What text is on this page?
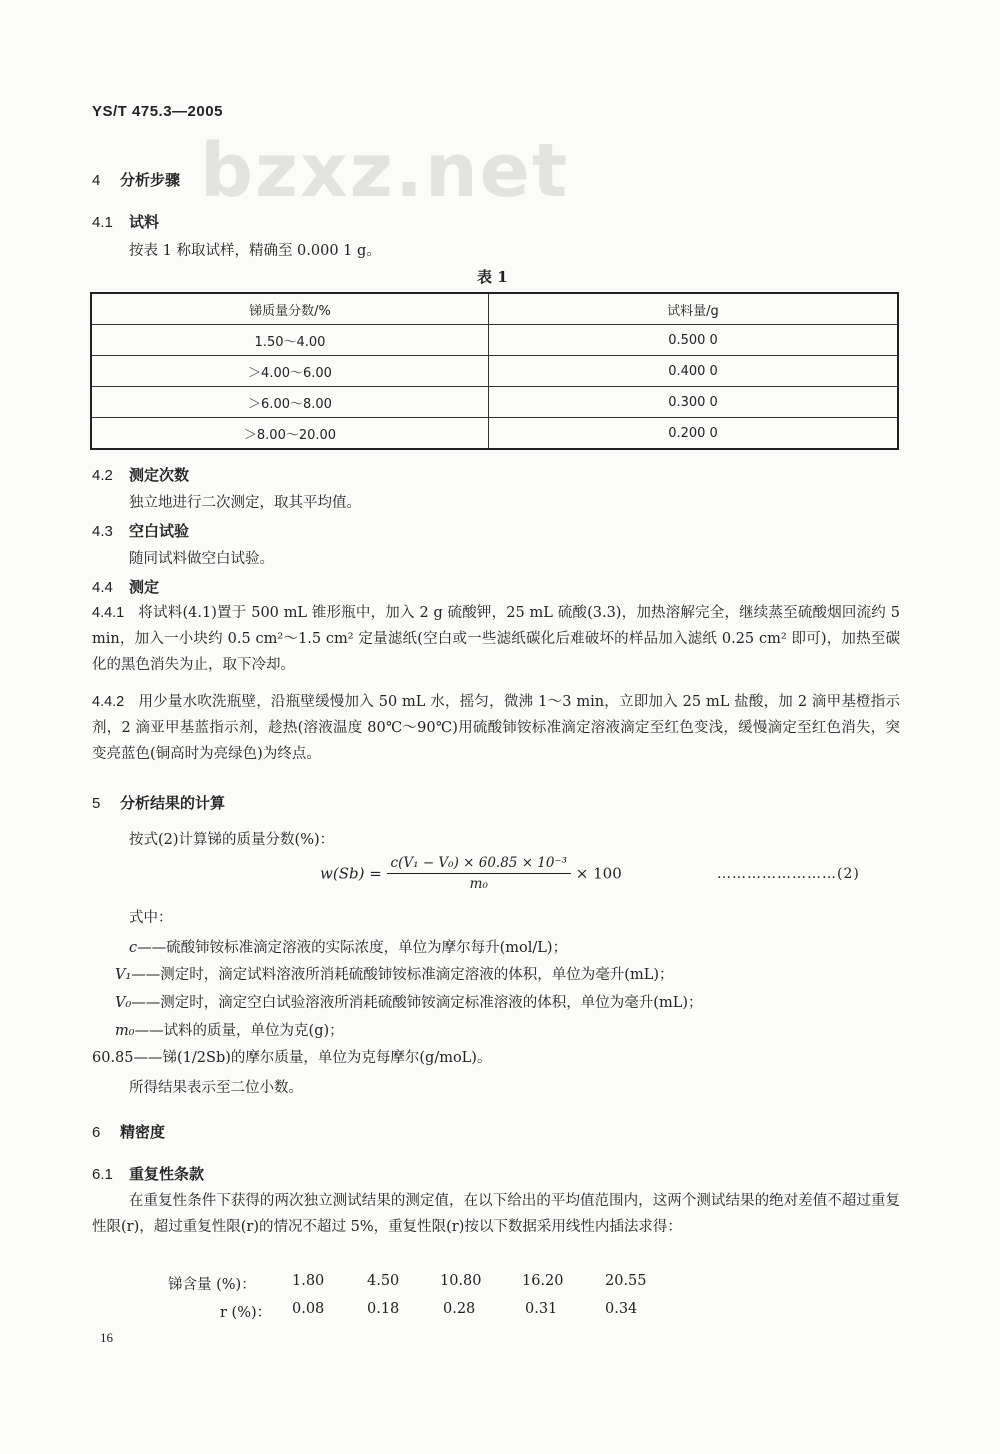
YS/T 475.3—2005
bzxz.net
4 分析步骤
4.1 试料
按表 1 称取试样，精确至 0.000 1 g。
表 1
锑质量分数/%	试料量/g
1.50～4.00	0.500 0
＞4.00～6.00	0.400 0
＞6.00～8.00	0.300 0
＞8.00～20.00	0.200 0
4.2 测定次数
独立地进行二次测定，取其平均值。
4.3 空白试验
随同试料做空白试验。
4.4 测定
4.4.1 将试料(4.1)置于 500 mL 锥形瓶中，加入 2 g 硫酸钾，25 mL 硫酸(3.3)，加热溶解完全，继续蒸至硫酸烟回流约 5 min，加入一小块约 0.5 cm²～1.5 cm² 定量滤纸(空白或一些滤纸碳化后难破坏的样品加入滤纸 0.25 cm² 即可)，加热至碳化的黑色消失为止，取下冷却。
4.4.2 用少量水吹洗瓶壁，沿瓶壁缓慢加入 50 mL 水，摇匀，微沸 1～3 min，立即加入 25 mL 盐酸，加 2 滴甲基橙指示剂，2 滴亚甲基蓝指示剂，趁热(溶液温度 80℃～90℃)用硫酸铈铵标准滴定溶液滴定至红色变浅，缓慢滴定至红色消失，突变亮蓝色(铜高时为亮绿色)为终点。
5 分析结果的计算
按式(2)计算锑的质量分数(%)：
$w(Sb) = \frac{\text{c(V₁ − V₀) × 60.85 × 10⁻³}}{\text{m₀}} \times 100$	……………………(2)
式中：
c——硫酸铈铵标准滴定溶液的实际浓度，单位为摩尔每升(mol/L)；
V₁——测定时，滴定试料溶液所消耗硫酸铈铵标准滴定溶液的体积，单位为毫升(mL)；
V₀——测定时，滴定空白试验溶液所消耗硫酸铈铵滴定标准溶液的体积，单位为毫升(mL)；
m₀——试料的质量，单位为克(g)；
60.85——锑(1/2Sb)的摩尔质量，单位为克每摩尔(g/moL)。
所得结果表示至二位小数。
6 精密度
6.1 重复性条款
在重复性条件下获得的两次独立测试结果的测定值，在以下给出的平均值范围内，这两个测试结果的绝对差值不超过重复性限(r)，超过重复性限(r)的情况不超过 5%，重复性限(r)按以下数据采用线性内插法求得：
锑含量 (%)：	1.80	4.50	10.80	16.20	20.55
r (%)： 0.08	0.18	0.28	0.31	0.34
16
